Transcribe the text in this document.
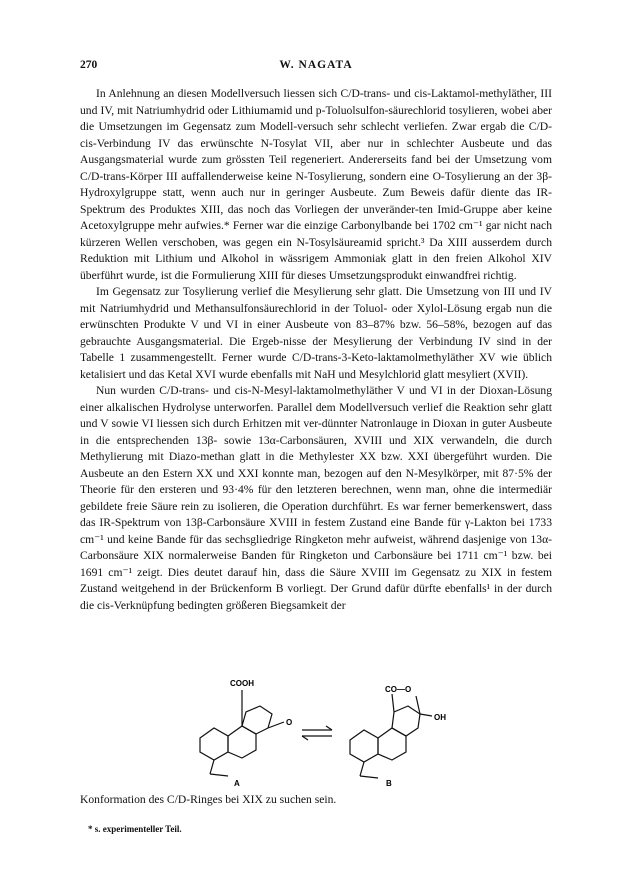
270	W. NAGATA

In Anlehnung an diesen Modellversuch liessen sich C/D-trans- und cis-Laktamol-methyläther, III und IV, mit Natriumhydrid oder Lithiumamid und p-Toluolsulfon-säurechlorid tosylieren, wobei aber die Umsetzungen im Gegensatz zum Modell-versuch sehr schlecht verliefen. Zwar ergab die C/D-cis-Verbindung IV das erwünschte N-Tosylat VII, aber nur in schlechter Ausbeute und das Ausgangsmaterial wurde zum grössten Teil regeneriert. Andererseits fand bei der Umsetzung vom C/D-trans-Körper III auffallenderweise keine N-Tosylierung, sondern eine O-Tosylierung an der 3β-Hydroxylgruppe statt, wenn auch nur in geringer Ausbeute. Zum Beweis dafür diente das IR-Spektrum des Produktes XIII, das noch das Vorliegen der unveränder-ten Imid-Gruppe aber keine Acetoxylgruppe mehr aufwies.* Ferner war die einzige Carbonylbande bei 1702 cm⁻¹ gar nicht nach kürzeren Wellen verschoben, was gegen ein N-Tosylsäureamid spricht.³ Da XIII ausserdem durch Reduktion mit Lithium und Alkohol in wässrigem Ammoniak glatt in den freien Alkohol XIV überführt wurde, ist die Formulierung XIII für dieses Umsetzungsprodukt einwandfrei richtig.

Im Gegensatz zur Tosylierung verlief die Mesylierung sehr glatt. Die Umsetzung von III und IV mit Natriumhydrid und Methansulfonsäurechlorid in der Toluol- oder Xylol-Lösung ergab nun die erwünschten Produkte V und VI in einer Ausbeute von 83–87% bzw. 56–58%, bezogen auf das gebrauchte Ausgangsmaterial. Die Ergeb-nisse der Mesylierung der Verbindung IV sind in der Tabelle 1 zusammengestellt. Ferner wurde C/D-trans-3-Keto-laktamolmethyläther XV wie üblich ketalisiert und das Ketal XVI wurde ebenfalls mit NaH und Mesylchlorid glatt mesyliert (XVII).

Nun wurden C/D-trans- und cis-N-Mesyl-laktamolmethyläther V und VI in der Dioxan-Lösung einer alkalischen Hydrolyse unterworfen. Parallel dem Modellversuch verlief die Reaktion sehr glatt und V sowie VI liessen sich durch Erhitzen mit ver-dünnter Natronlauge in Dioxan in guter Ausbeute in die entsprechenden 13β- sowie 13α-Carbonsäuren, XVIII und XIX verwandeln, die durch Methylierung mit Diazo-methan glatt in die Methylester XX bzw. XXI übergeführt wurden. Die Ausbeute an den Estern XX und XXI konnte man, bezogen auf den N-Mesylkörper, mit 87·5% der Theorie für den ersteren und 93·4% für den letzteren berechnen, wenn man, ohne die intermediär gebildete freie Säure rein zu isolieren, die Operation durchführt. Es war ferner bemerkenswert, dass das IR-Spektrum von 13β-Carbonsäure XVIII in festem Zustand eine Bande für γ-Lakton bei 1733 cm⁻¹ und keine Bande für das sechsgliedrige Ringketon mehr aufweist, während dasjenige von 13α-Carbonsäure XIX normalerweise Banden für Ringketon und Carbonsäure bei 1711 cm⁻¹ bzw. bei 1691 cm⁻¹ zeigt. Dies deutet darauf hin, dass die Säure XVIII im Gegensatz zu XIX in festem Zustand weitgehend in der Brückenform B vorliegt. Der Grund dafür dürfte ebenfalls¹ in der durch die cis-Verknüpfung bedingten größeren Biegsamkeit der

COOH
O
CO—O
OH
A	B
Konformation des C/D-Ringes bei XIX zu suchen sein.
* s. experimenteller Teil.
